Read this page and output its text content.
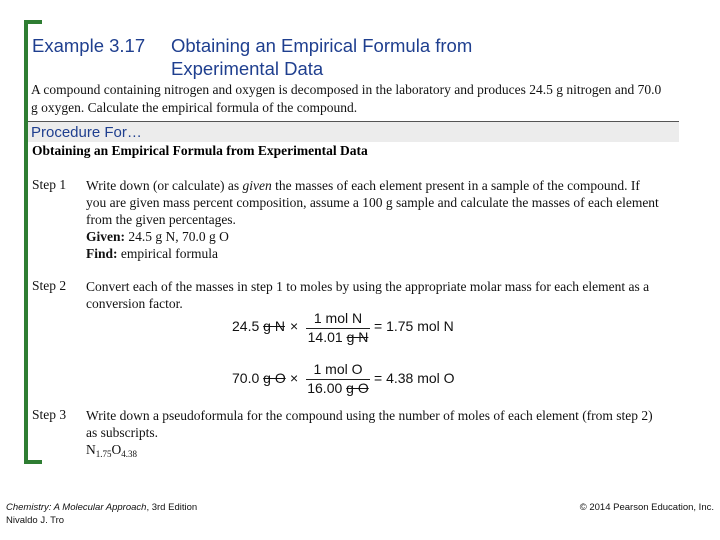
Example 3.17 Obtaining an Empirical Formula from
Experimental Data
A compound containing nitrogen and oxygen is decomposed in the laboratory and produces 24.5 g nitrogen and 70.0 g oxygen. Calculate the empirical formula of the compound.
Procedure For…
Obtaining an Empirical Formula from Experimental Data
Step 1 Write down (or calculate) as given the masses of each element present in a sample of the compound. If you are given mass percent composition, assume a 100 g sample and calculate the masses of each element from the given percentages.
Given: 24.5 g N, 70.0 g O
Find: empirical formula
Step 2 Convert each of the masses in step 1 to moles by using the appropriate molar mass for each element as a conversion factor.
24.5 g N ×	1 mol N
14.01 g N
= 1.75 mol N
70.0 g O ×
1 mol O
16.00 g O
= 4.38 mol O
Step 3 Write down a pseudoformula for the compound using the number of moles of each element (from step 2) as subscripts.
$N_{1.75}O_{4.38}$
Chemistry: A Molecular Approach, 3rd Edition
Nivaldo J. Tro
© 2014 Pearson Education, Inc.
